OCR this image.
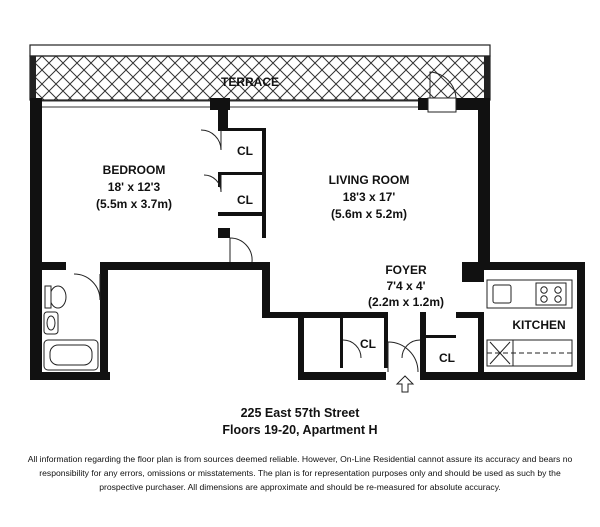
TERRACE
BEDROOM
18' x 12'3
(5.5m x 3.7m)
LIVING ROOM
18'3 x 17'
(5.6m x 5.2m)
FOYER
7'4 x 4'
(2.2m x 1.2m)
KITCHEN
CL
CL
CL
CL
225 East 57th Street
Floors 19-20, Apartment H
All information regarding the floor plan is from sources deemed reliable. However, On-Line Residential cannot assure its accuracy and bears no responsibility for any errors, omissions or misstatements. The plan is for representation purposes only and should be used as such by the prospective purchaser. All dimensions are approximate and should be re-measured for absolute accuracy.
